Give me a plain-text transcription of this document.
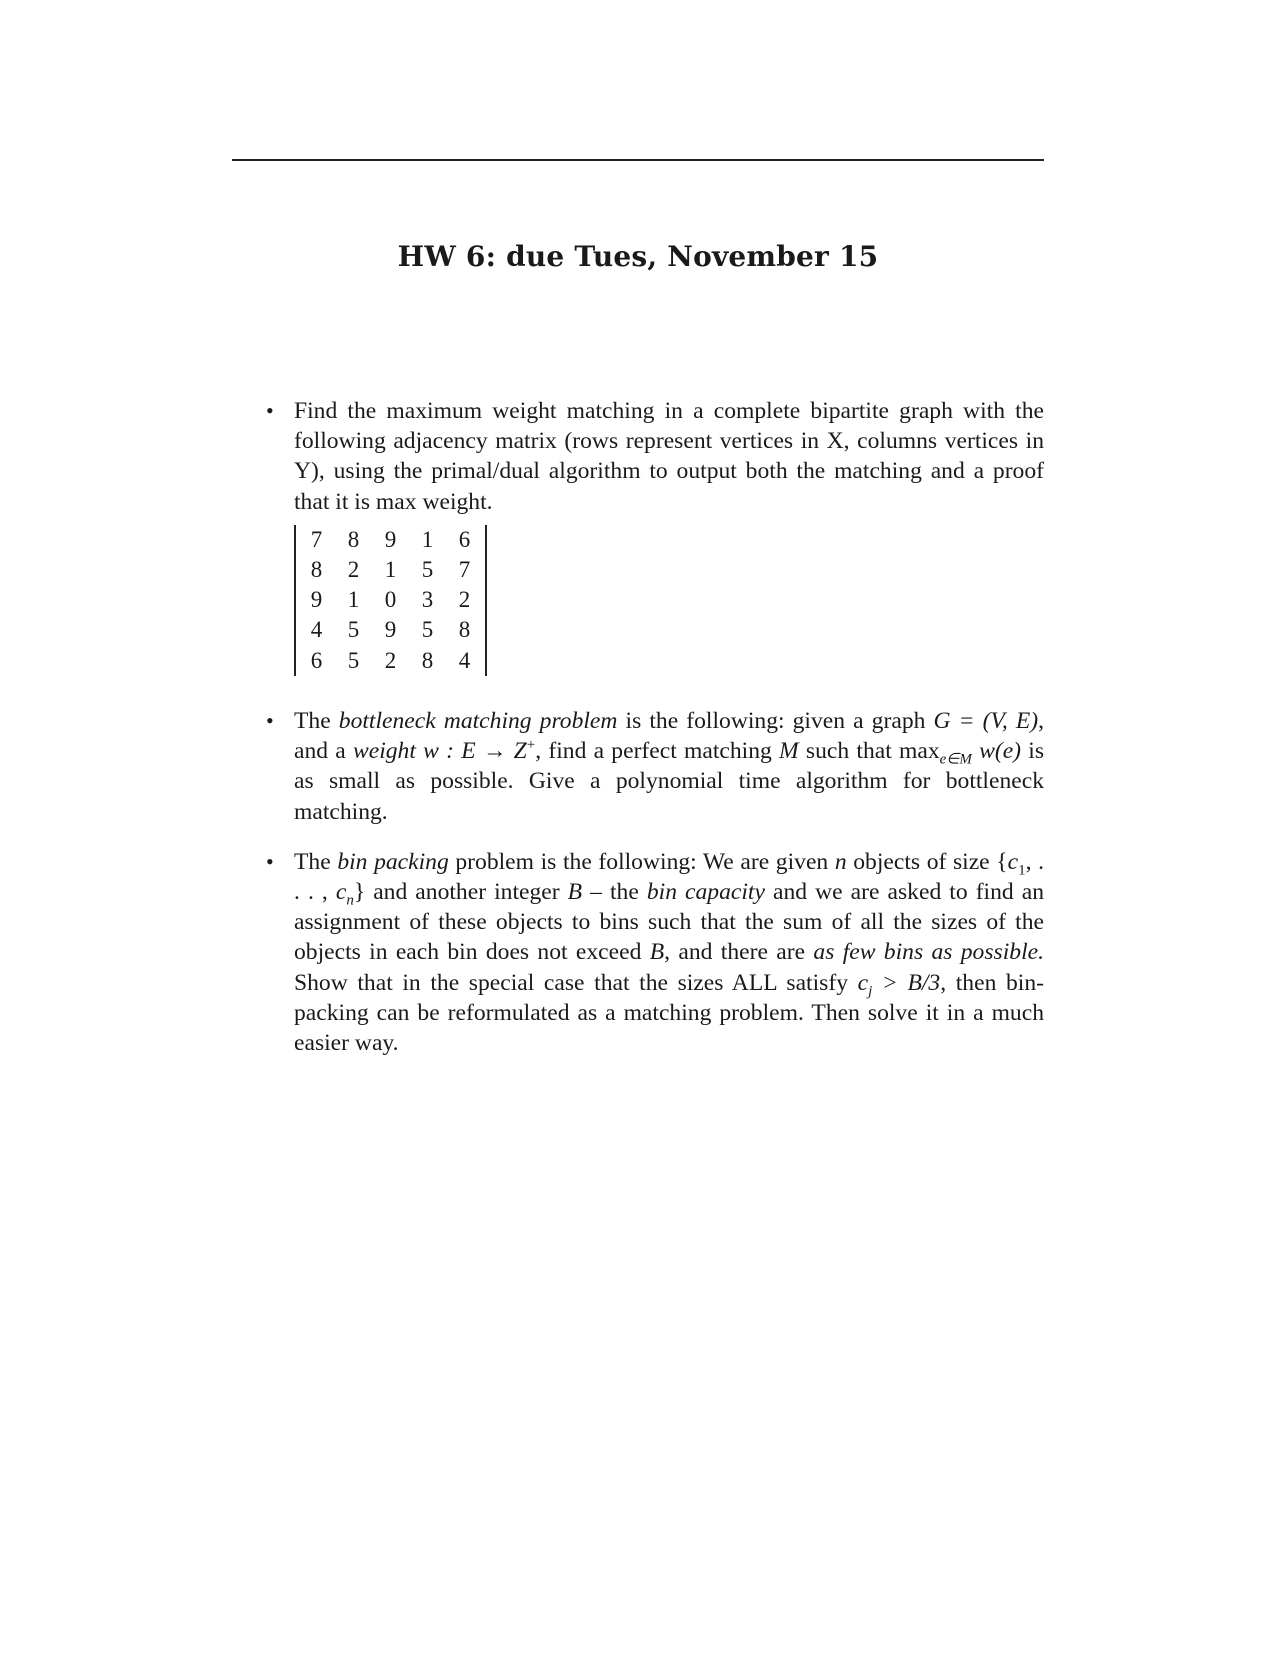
HW 6: due Tues, November 15
• Find the maximum weight matching in a complete bipartite graph with the following adjacency matrix (rows represent vertices in X, columns vertices in Y), using the primal/dual algorithm to output both the matching and a proof that it is max weight.
7	8	9	1	6
8	2	1	5	7
9	1	0	3	2
4	5	9	5	8
6	5	2	8	4
• The bottleneck matching problem is the following: given a graph G = (V, E), and a weight w : E → Z+, find a perfect matching M such that $\max_{e\in M} w(e)$ is as small as possible. Give a polynomial time algorithm for bottleneck matching.
• The bin packing problem is the following: We are given n objects of size {$c_1$, . . . , $c_n$} and another integer B – the bin capacity and we are asked to find an assignment of these objects to bins such that the sum of all the sizes of the objects in each bin does not exceed B, and there are as few bins as possible. Show that in the special case that the sizes ALL satisfy $c_j > B/3$, then bin-packing can be reformulated as a matching problem. Then solve it in a much easier way.
